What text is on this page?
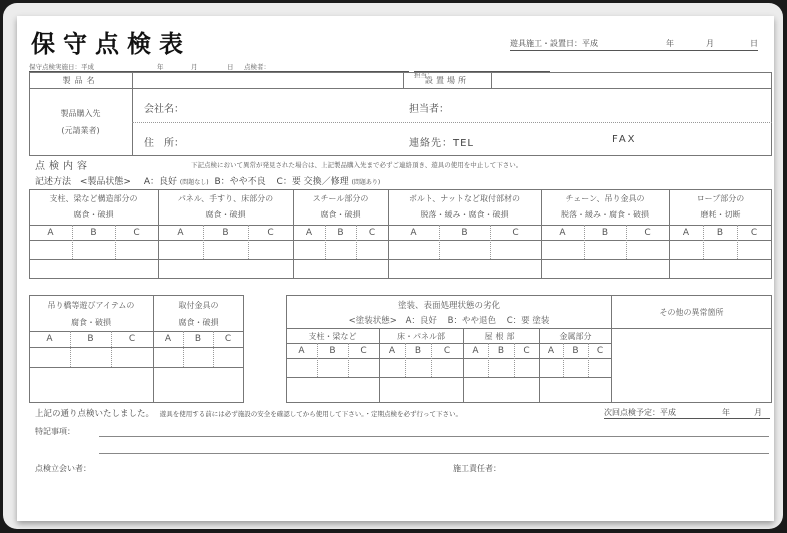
保守点検表	遊具施工・設置日：平成	年	月	日
保守点検実施日：平成	年	月	日 点検者：
担当：
製品名	設置場所
製品購入先
(元請業者)
会社名：	担当者：
住　所：	連絡先：TEL	FAX
点検内容	下記点検において異常が発見された場合は、上記製品購入先まで必ずご連絡頂き、遊具の使用を中止して下さい。
記述方法 <製品状態> A：良好 (問題なし) B：やや不良 C：要 交換／修理 (問題あり)
支柱、梁など構造部分の
腐食・破損
パネル、手すり、床部分の
腐食・破損
スチール部分の
腐食・破損
ボルト、ナットなど取付部材の
脱落・緩み・腐食・破損
チェーン、吊り金具の
脱落・緩み・腐食・破損
ロープ部分の
磨耗・切断
A	B	C	A	B	C	A	B	C	A	B	C	A	B	C	A	B	C
吊り橋等遊びアイテムの
腐食・破損
取付金具の
腐食・破損
A	B	C	A	B	C
塗装、表面処理状態の劣化
<塗装状態> A：良好 B：やや退色 C：要 塗装
支柱・梁など	床・パネル部	屋根部	金属部分
A	B	C	A	B	C	A	B	C	A	B	C
その他の異常箇所
上記の通り点検いたしました。 遊具を使用する前には必ず施設の安全を確認してから使用して下さい。・定期点検を必ず行って下さい。	次回点検予定：平成	年	月
特記事項：
点検立会い者：	施工責任者：
